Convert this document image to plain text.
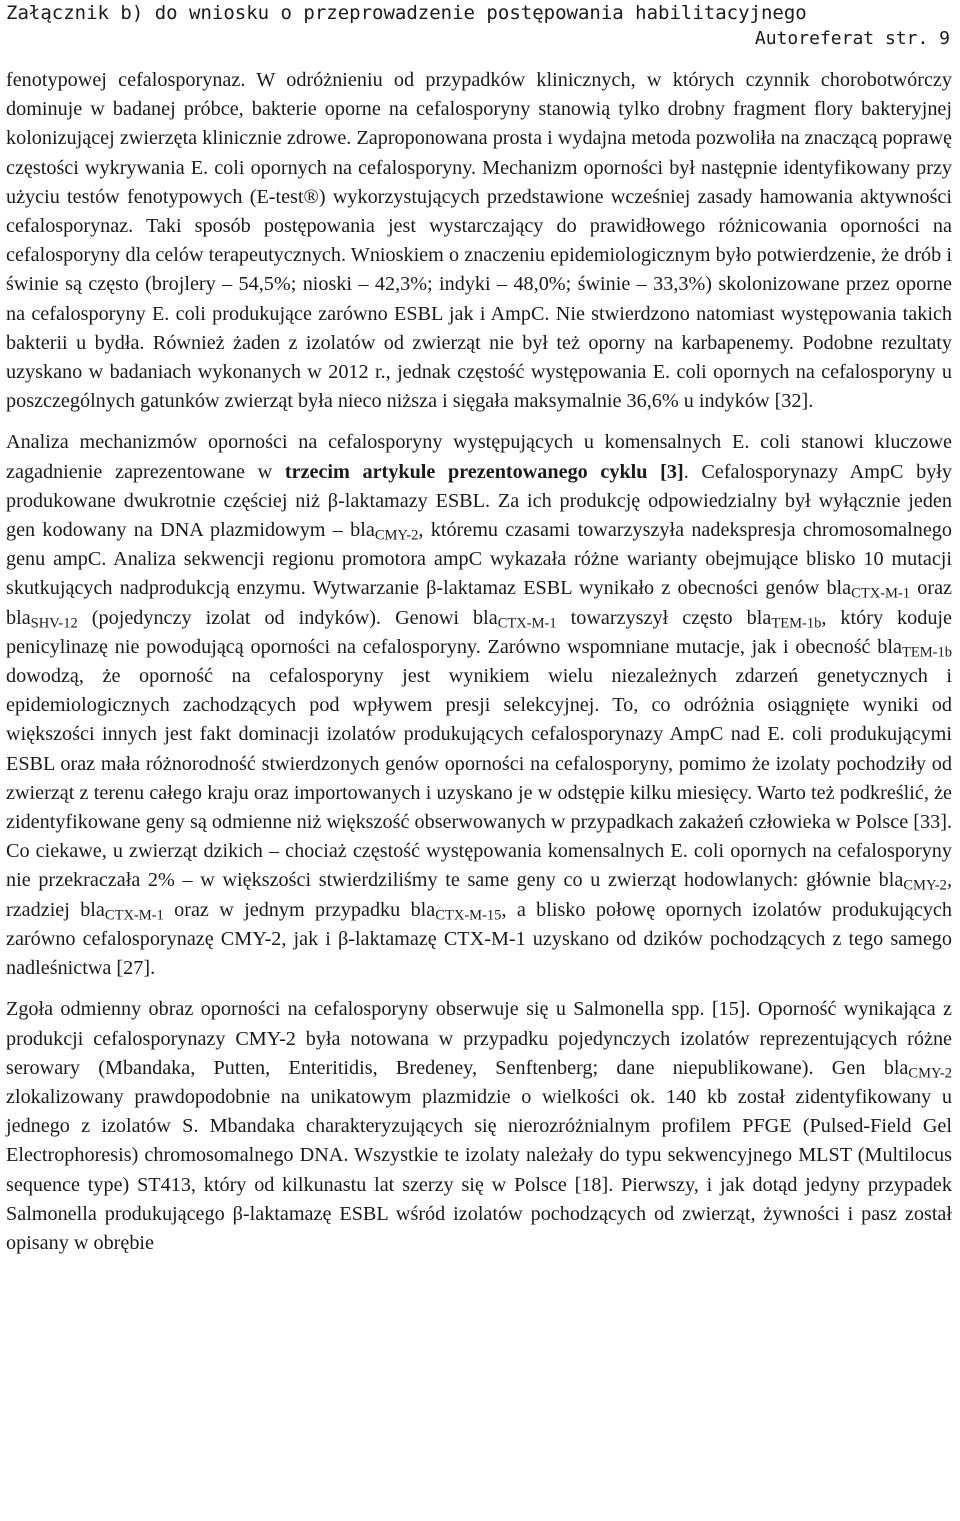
Załącznik b) do wniosku o przeprowadzenie postępowania habilitacyjnego
Autoreferat str. 9

fenotypowej cefalosporynaz. W odróżnieniu od przypadków klinicznych, w których czynnik chorobotwórczy dominuje w badanej próbce, bakterie oporne na cefalosporyny stanowią tylko drobny fragment flory bakteryjnej kolonizującej zwierzęta klinicznie zdrowe. Zaproponowana prosta i wydajna metoda pozwoliła na znaczącą poprawę częstości wykrywania E. coli opornych na cefalosporyny. Mechanizm oporności był następnie identyfikowany przy użyciu testów fenotypowych (E-test®) wykorzystujących przedstawione wcześniej zasady hamowania aktywności cefalosporynaz. Taki sposób postępowania jest wystarczający do prawidłowego różnicowania oporności na cefalosporyny dla celów terapeutycznych. Wnioskiem o znaczeniu epidemiologicznym było potwierdzenie, że drób i świnie są często (brojlery – 54,5%; nioski – 42,3%; indyki – 48,0%; świnie – 33,3%) skolonizowane przez oporne na cefalosporyny E. coli produkujące zarówno ESBL jak i AmpC. Nie stwierdzono natomiast występowania takich bakterii u bydła. Również żaden z izolatów od zwierząt nie był też oporny na karbapenemy. Podobne rezultaty uzyskano w badaniach wykonanych w 2012 r., jednak częstość występowania E. coli opornych na cefalosporyny u poszczególnych gatunków zwierząt była nieco niższa i sięgała maksymalnie 36,6% u indyków [32].

Analiza mechanizmów oporności na cefalosporyny występujących u komensalnych E. coli stanowi kluczowe zagadnienie zaprezentowane w trzecim artykule prezentowanego cyklu [3]. Cefalosporynazy AmpC były produkowane dwukrotnie częściej niż β-laktamazy ESBL. Za ich produkcję odpowiedzialny był wyłącznie jeden gen kodowany na DNA plazmidowym – bla$_{CMY-2}$, któremu czasami towarzyszyła nadekspresja chromosomalnego genu ampC. Analiza sekwencji regionu promotora ampC wykazała różne warianty obejmujące blisko 10 mutacji skutkujących nadprodukcją enzymu. Wytwarzanie β-laktamaz ESBL wynikało z obecności genów bla$_{CTX-M-1}$ oraz bla$_{SHV-12}$ (pojedynczy izolat od indyków). Genowi bla$_{CTX-M-1}$ towarzyszył często bla$_{TEM-1b}$, który koduje penicylinazę nie powodującą oporności na cefalosporyny. Zarówno wspomniane mutacje, jak i obecność bla$_{TEM-1b}$ dowodzą, że oporność na cefalosporyny jest wynikiem wielu niezależnych zdarzeń genetycznych i epidemiologicznych zachodzących pod wpływem presji selekcyjnej. To, co odróżnia osiągnięte wyniki od większości innych jest fakt dominacji izolatów produkujących cefalosporynazy AmpC nad E. coli produkującymi ESBL oraz mała różnorodność stwierdzonych genów oporności na cefalosporyny, pomimo że izolaty pochodziły od zwierząt z terenu całego kraju oraz importowanych i uzyskano je w odstępie kilku miesięcy. Warto też podkreślić, że zidentyfikowane geny są odmienne niż większość obserwowanych w przypadkach zakażeń człowieka w Polsce [33]. Co ciekawe, u zwierząt dzikich – chociaż częstość występowania komensalnych E. coli opornych na cefalosporyny nie przekraczała 2% – w większości stwierdziliśmy te same geny co u zwierząt hodowlanych: głównie bla$_{CMY-2}$, rzadziej bla$_{CTX-M-1}$ oraz w jednym przypadku bla$_{CTX-M-15}$, a blisko połowę opornych izolatów produkujących zarówno cefalosporynazę CMY-2, jak i β-laktamazę CTX-M-1 uzyskano od dzików pochodzących z tego samego nadleśnictwa [27].

Zgoła odmienny obraz oporności na cefalosporyny obserwuje się u Salmonella spp. [15]. Oporność wynikająca z produkcji cefalosporynazy CMY-2 była notowana w przypadku pojedynczych izolatów reprezentujących różne serowary (Mbandaka, Putten, Enteritidis, Bredeney, Senftenberg; dane niepublikowane). Gen bla$_{CMY-2}$ zlokalizowany prawdopodobnie na unikatowym plazmidzie o wielkości ok. 140 kb został zidentyfikowany u jednego z izolatów S. Mbandaka charakteryzujących się nierozróżnialnym profilem PFGE (Pulsed-Field Gel Electrophoresis) chromosomalnego DNA. Wszystkie te izolaty należały do typu sekwencyjnego MLST (Multilocus sequence type) ST413, który od kilkunastu lat szerzy się w Polsce [18]. Pierwszy, i jak dotąd jedyny przypadek Salmonella produkującego β-laktamazę ESBL wśród izolatów pochodzących od zwierząt, żywności i pasz został opisany w obrębie
